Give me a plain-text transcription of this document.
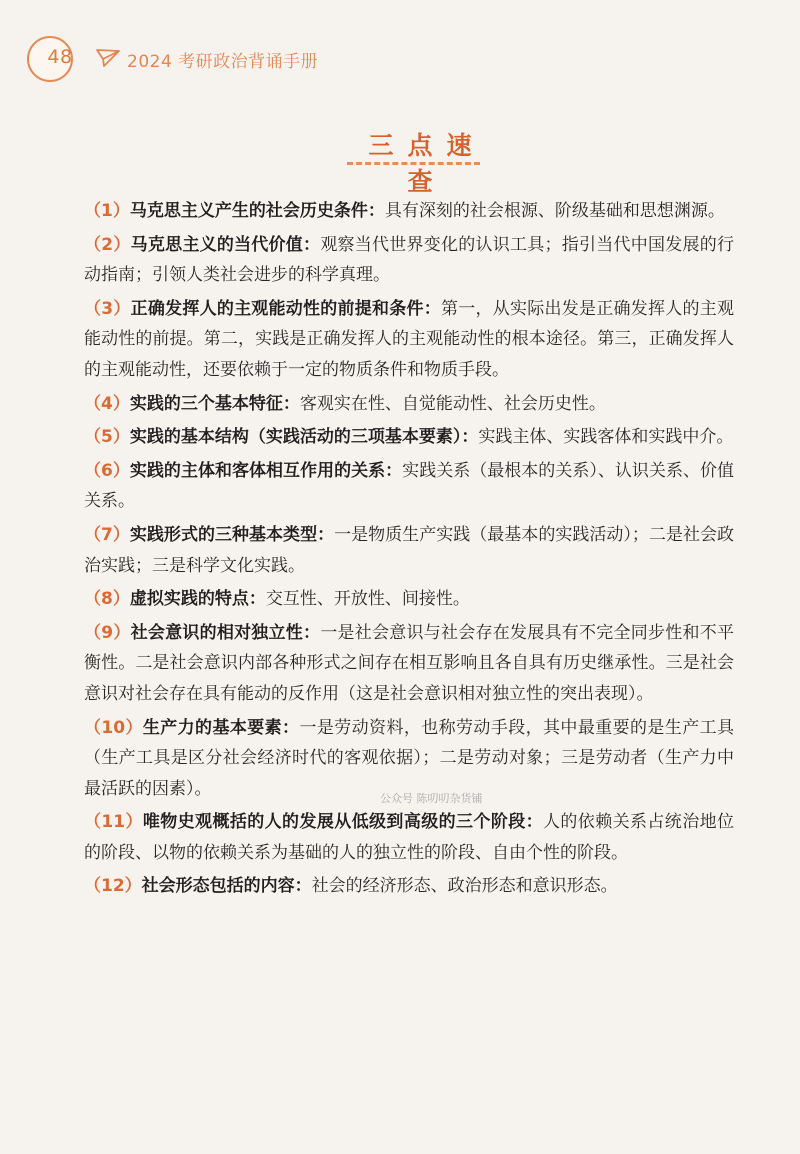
48	2024 考研政治背诵手册
三点速查

（1）马克思主义产生的社会历史条件：具有深刻的社会根源、阶级基础和思想渊源。

（2）马克思主义的当代价值：观察当代世界变化的认识工具；指引当代中国发展的行动指南；引领人类社会进步的科学真理。

（3）正确发挥人的主观能动性的前提和条件：第一，从实际出发是正确发挥人的主观能动性的前提。第二，实践是正确发挥人的主观能动性的根本途径。第三，正确发挥人的主观能动性，还要依赖于一定的物质条件和物质手段。

（4）实践的三个基本特征：客观实在性、自觉能动性、社会历史性。

（5）实践的基本结构（实践活动的三项基本要素）：实践主体、实践客体和实践中介。

（6）实践的主体和客体相互作用的关系：实践关系（最根本的关系）、认识关系、价值关系。

（7）实践形式的三种基本类型：一是物质生产实践（最基本的实践活动）；二是社会政治实践；三是科学文化实践。

（8）虚拟实践的特点：交互性、开放性、间接性。

（9）社会意识的相对独立性：一是社会意识与社会存在发展具有不完全同步性和不平衡性。二是社会意识内部各种形式之间存在相互影响且各自具有历史继承性。三是社会意识对社会存在具有能动的反作用（这是社会意识相对独立性的突出表现）。

（10）生产力的基本要素：一是劳动资料，也称劳动手段，其中最重要的是生产工具（生产工具是区分社会经济时代的客观依据）；二是劳动对象；三是劳动者（生产力中最活跃的因素）。

（11）唯物史观概括的人的发展从低级到高级的三个阶段：人的依赖关系占统治地位的阶段、以物的依赖关系为基础的人的独立性的阶段、自由个性的阶段。

（12）社会形态包括的内容：社会的经济形态、政治形态和意识形态。

公众号 陈叨叨杂货铺
